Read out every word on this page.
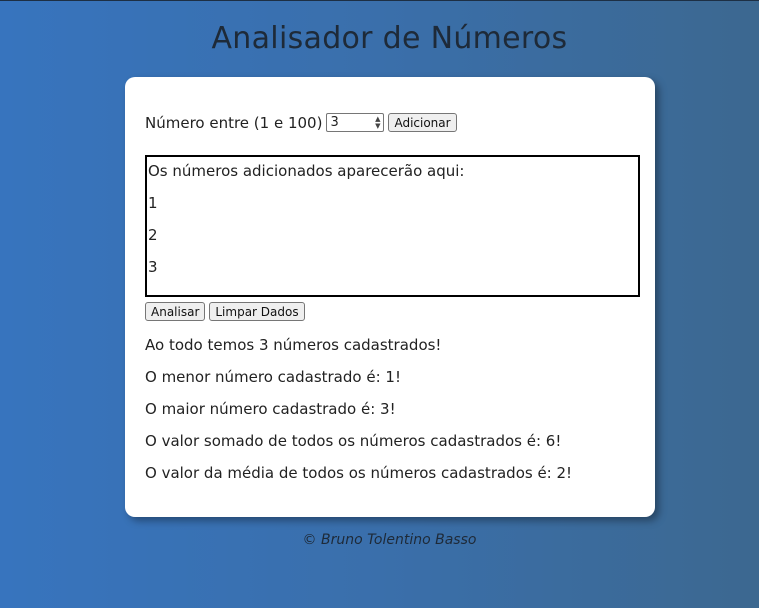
Analisador de Números
Número entre (1 e 100) 3	▲
▼	Adicionar
Os números adicionados aparecerão aqui:
1
2
3
Analisar	Limpar Dados
Ao todo temos 3 números cadastrados!
O menor número cadastrado é: 1!
O maior número cadastrado é: 3!
O valor somado de todos os números cadastrados é: 6!
O valor da média de todos os números cadastrados é: 2!
© Bruno Tolentino Basso
